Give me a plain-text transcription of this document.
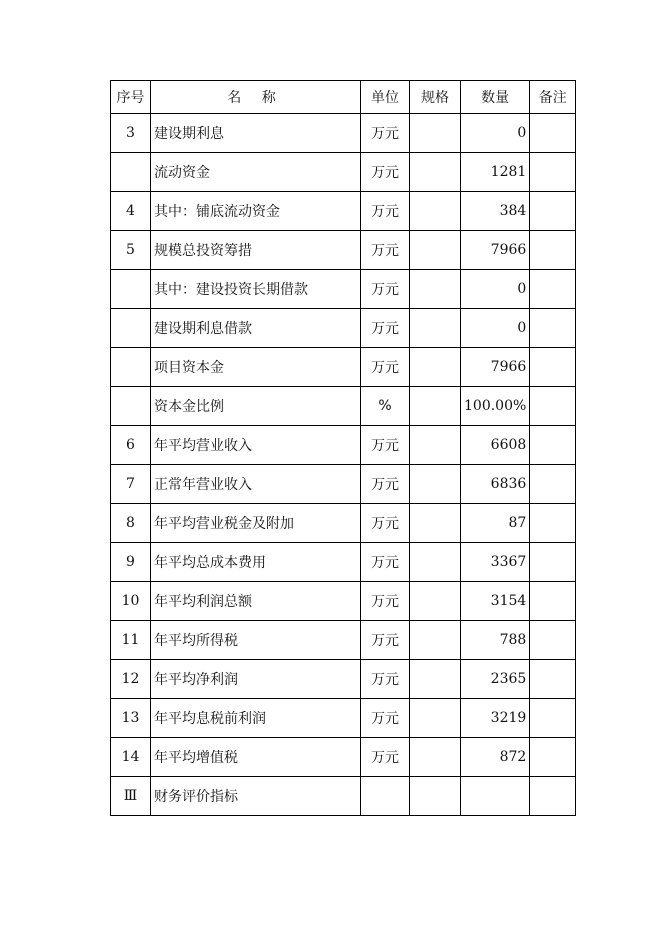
序号	名 称	单位	规格	数量	备注
3	建设期利息	万元		0	
	流动资金	万元		1281	
4	其中：铺底流动资金	万元		384	
5	规模总投资筹措	万元		7966	
	其中：建设投资长期借款	万元		0	
	建设期利息借款	万元		0	
	项目资本金	万元		7966	
	资本金比例	%		100.00%	
6	年平均营业收入	万元		6608	
7	正常年营业收入	万元		6836	
8	年平均营业税金及附加	万元		87	
9	年平均总成本费用	万元		3367	
10	年平均利润总额	万元		3154	
11	年平均所得税	万元		788	
12	年平均净利润	万元		2365	
13	年平均息税前利润	万元		3219	
14	年平均增值税	万元		872	
Ⅲ	财务评价指标				
